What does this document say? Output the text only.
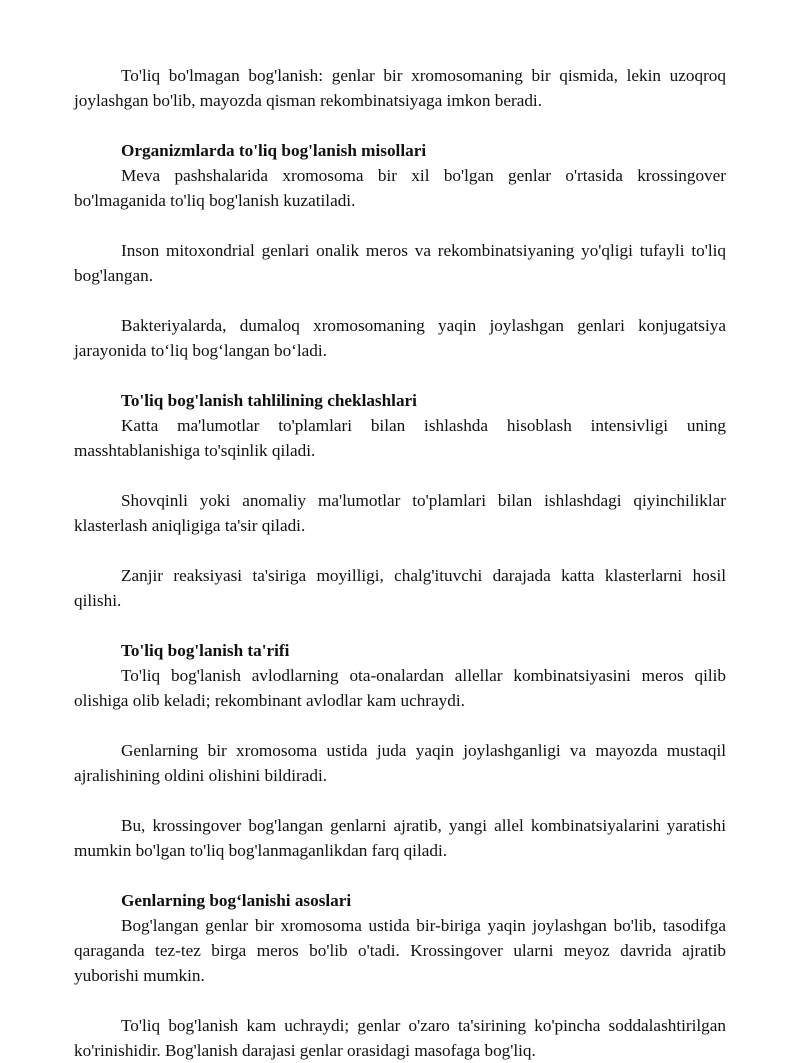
To'liq bo'lmagan bog'lanish: genlar bir xromosomaning bir qismida, lekin uzoqroq joylashgan bo'lib, mayozda qisman rekombinatsiyaga imkon beradi.

Organizmlarda to'liq bog'lanish misollari

Meva pashshalarida xromosoma bir xil bo'lgan genlar o'rtasida krossingover bo'lmaganida to'liq bog'lanish kuzatiladi.

Inson mitoxondrial genlari onalik meros va rekombinatsiyaning yo'qligi tufayli to'liq bog'langan.

Bakteriyalarda, dumaloq xromosomaning yaqin joylashgan genlari konjugatsiya jarayonida to‘liq bog‘langan bo‘ladi.

To'liq bog'lanish tahlilining cheklashlari

Katta ma'lumotlar to'plamlari bilan ishlashda hisoblash intensivligi uning masshtablanishiga to'sqinlik qiladi.

Shovqinli yoki anomaliy ma'lumotlar to'plamlari bilan ishlashdagi qiyinchiliklar klasterlash aniqligiga ta'sir qiladi.

Zanjir reaksiyasi ta'siriga moyilligi, chalg'ituvchi darajada katta klasterlarni hosil qilishi.

To'liq bog'lanish ta'rifi

To'liq bog'lanish avlodlarning ota-onalardan allellar kombinatsiyasini meros qilib olishiga olib keladi; rekombinant avlodlar kam uchraydi.

Genlarning bir xromosoma ustida juda yaqin joylashganligi va mayozda mustaqil ajralishining oldini olishini bildiradi.

Bu, krossingover bog'langan genlarni ajratib, yangi allel kombinatsiyalarini yaratishi mumkin bo'lgan to'liq bog'lanmaganlikdan farq qiladi.

Genlarning bog‘lanishi asoslari

Bog'langan genlar bir xromosoma ustida bir-biriga yaqin joylashgan bo'lib, tasodifga qaraganda tez-tez birga meros bo'lib o'tadi. Krossingover ularni meyoz davrida ajratib yuborishi mumkin.

To'liq bog'lanish kam uchraydi; genlar o'zaro ta'sirining ko'pincha soddalashtirilgan ko'rinishidir. Bog'lanish darajasi genlar orasidagi masofaga bog'liq.
